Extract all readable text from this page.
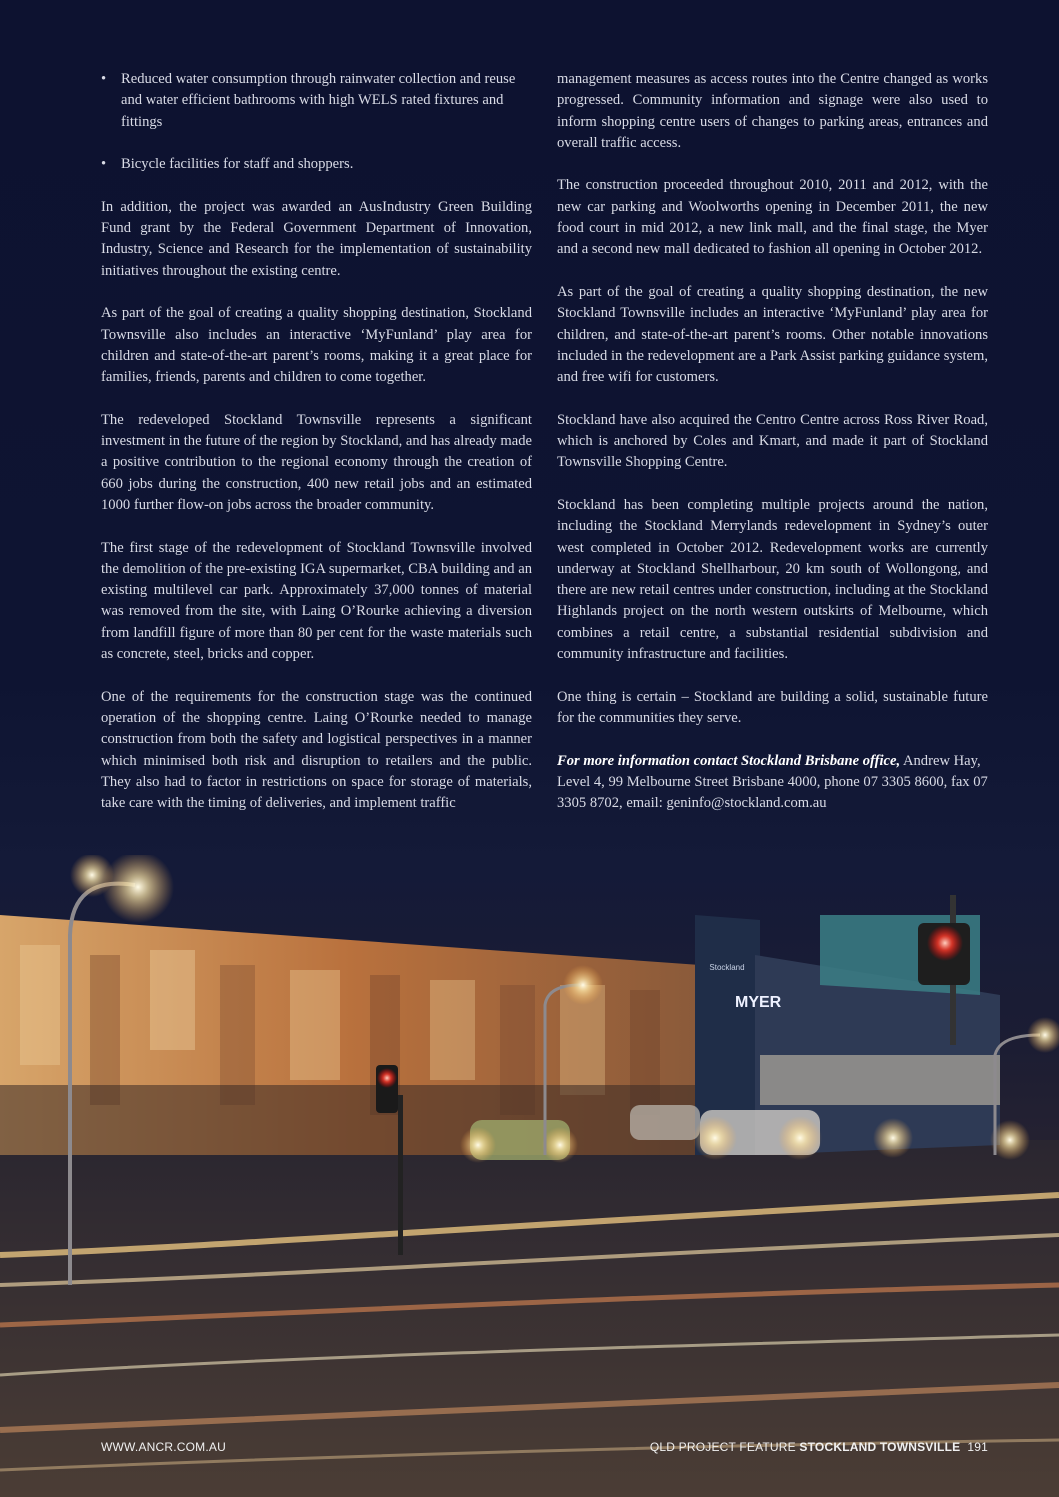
• Reduced water consumption through rainwater collection and reuse and water efficient bathrooms with high WELS rated fixtures and fittings
• Bicycle facilities for staff and shoppers.

In addition, the project was awarded an AusIndustry Green Building Fund grant by the Federal Government Department of Innovation, Industry, Science and Research for the implementation of sustainability initiatives throughout the existing centre.

As part of the goal of creating a quality shopping destination, Stockland Townsville also includes an interactive ‘MyFunland’ play area for children and state-of-the-art parent’s rooms, making it a great place for families, friends, parents and children to come together.

The redeveloped Stockland Townsville represents a significant investment in the future of the region by Stockland, and has already made a positive contribution to the regional economy through the creation of 660 jobs during the construction, 400 new retail jobs and an estimated 1000 further flow-on jobs across the broader community.

The first stage of the redevelopment of Stockland Townsville involved the demolition of the pre-existing IGA supermarket, CBA building and an existing multilevel car park. Approximately 37,000 tonnes of material was removed from the site, with Laing O’Rourke achieving a diversion from landfill figure of more than 80 per cent for the waste materials such as concrete, steel, bricks and copper.

One of the requirements for the construction stage was the continued operation of the shopping centre. Laing O’Rourke needed to manage construction from both the safety and logistical perspectives in a manner which minimised both risk and disruption to retailers and the public. They also had to factor in restrictions on space for storage of materials, take care with the timing of deliveries, and implement traffic

management measures as access routes into the Centre changed as works progressed. Community information and signage were also used to inform shopping centre users of changes to parking areas, entrances and overall traffic access.

The construction proceeded throughout 2010, 2011 and 2012, with the new car parking and Woolworths opening in December 2011, the new food court in mid 2012, a new link mall, and the final stage, the Myer and a second new mall dedicated to fashion all opening in October 2012.

As part of the goal of creating a quality shopping destination, the new Stockland Townsville includes an interactive ‘MyFunland’ play area for children, and state-of-the-art parent’s rooms. Other notable innovations included in the redevelopment are a Park Assist parking guidance system, and free wifi for customers.

Stockland have also acquired the Centro Centre across Ross River Road, which is anchored by Coles and Kmart, and made it part of Stockland Townsville Shopping Centre.

Stockland has been completing multiple projects around the nation, including the Stockland Merrylands redevelopment in Sydney’s outer west completed in October 2012. Redevelopment works are currently underway at Stockland Shellharbour, 20 km south of Wollongong, and there are new retail centres under construction, including at the Stockland Highlands project on the north western outskirts of Melbourne, which combines a retail centre, a substantial residential subdivision and community infrastructure and facilities.

One thing is certain – Stockland are building a solid, sustainable future for the communities they serve.

For more information contact Stockland Brisbane office, Andrew Hay, Level 4, 99 Melbourne Street Brisbane 4000, phone 07 3305 8600, fax 07 3305 8702, email: geninfo@stockland.com.au

Stockland
MYER
WWW.ANCR.COM.AU	QLD PROJECT FEATURE STOCKLAND TOWNSVILLE 191
